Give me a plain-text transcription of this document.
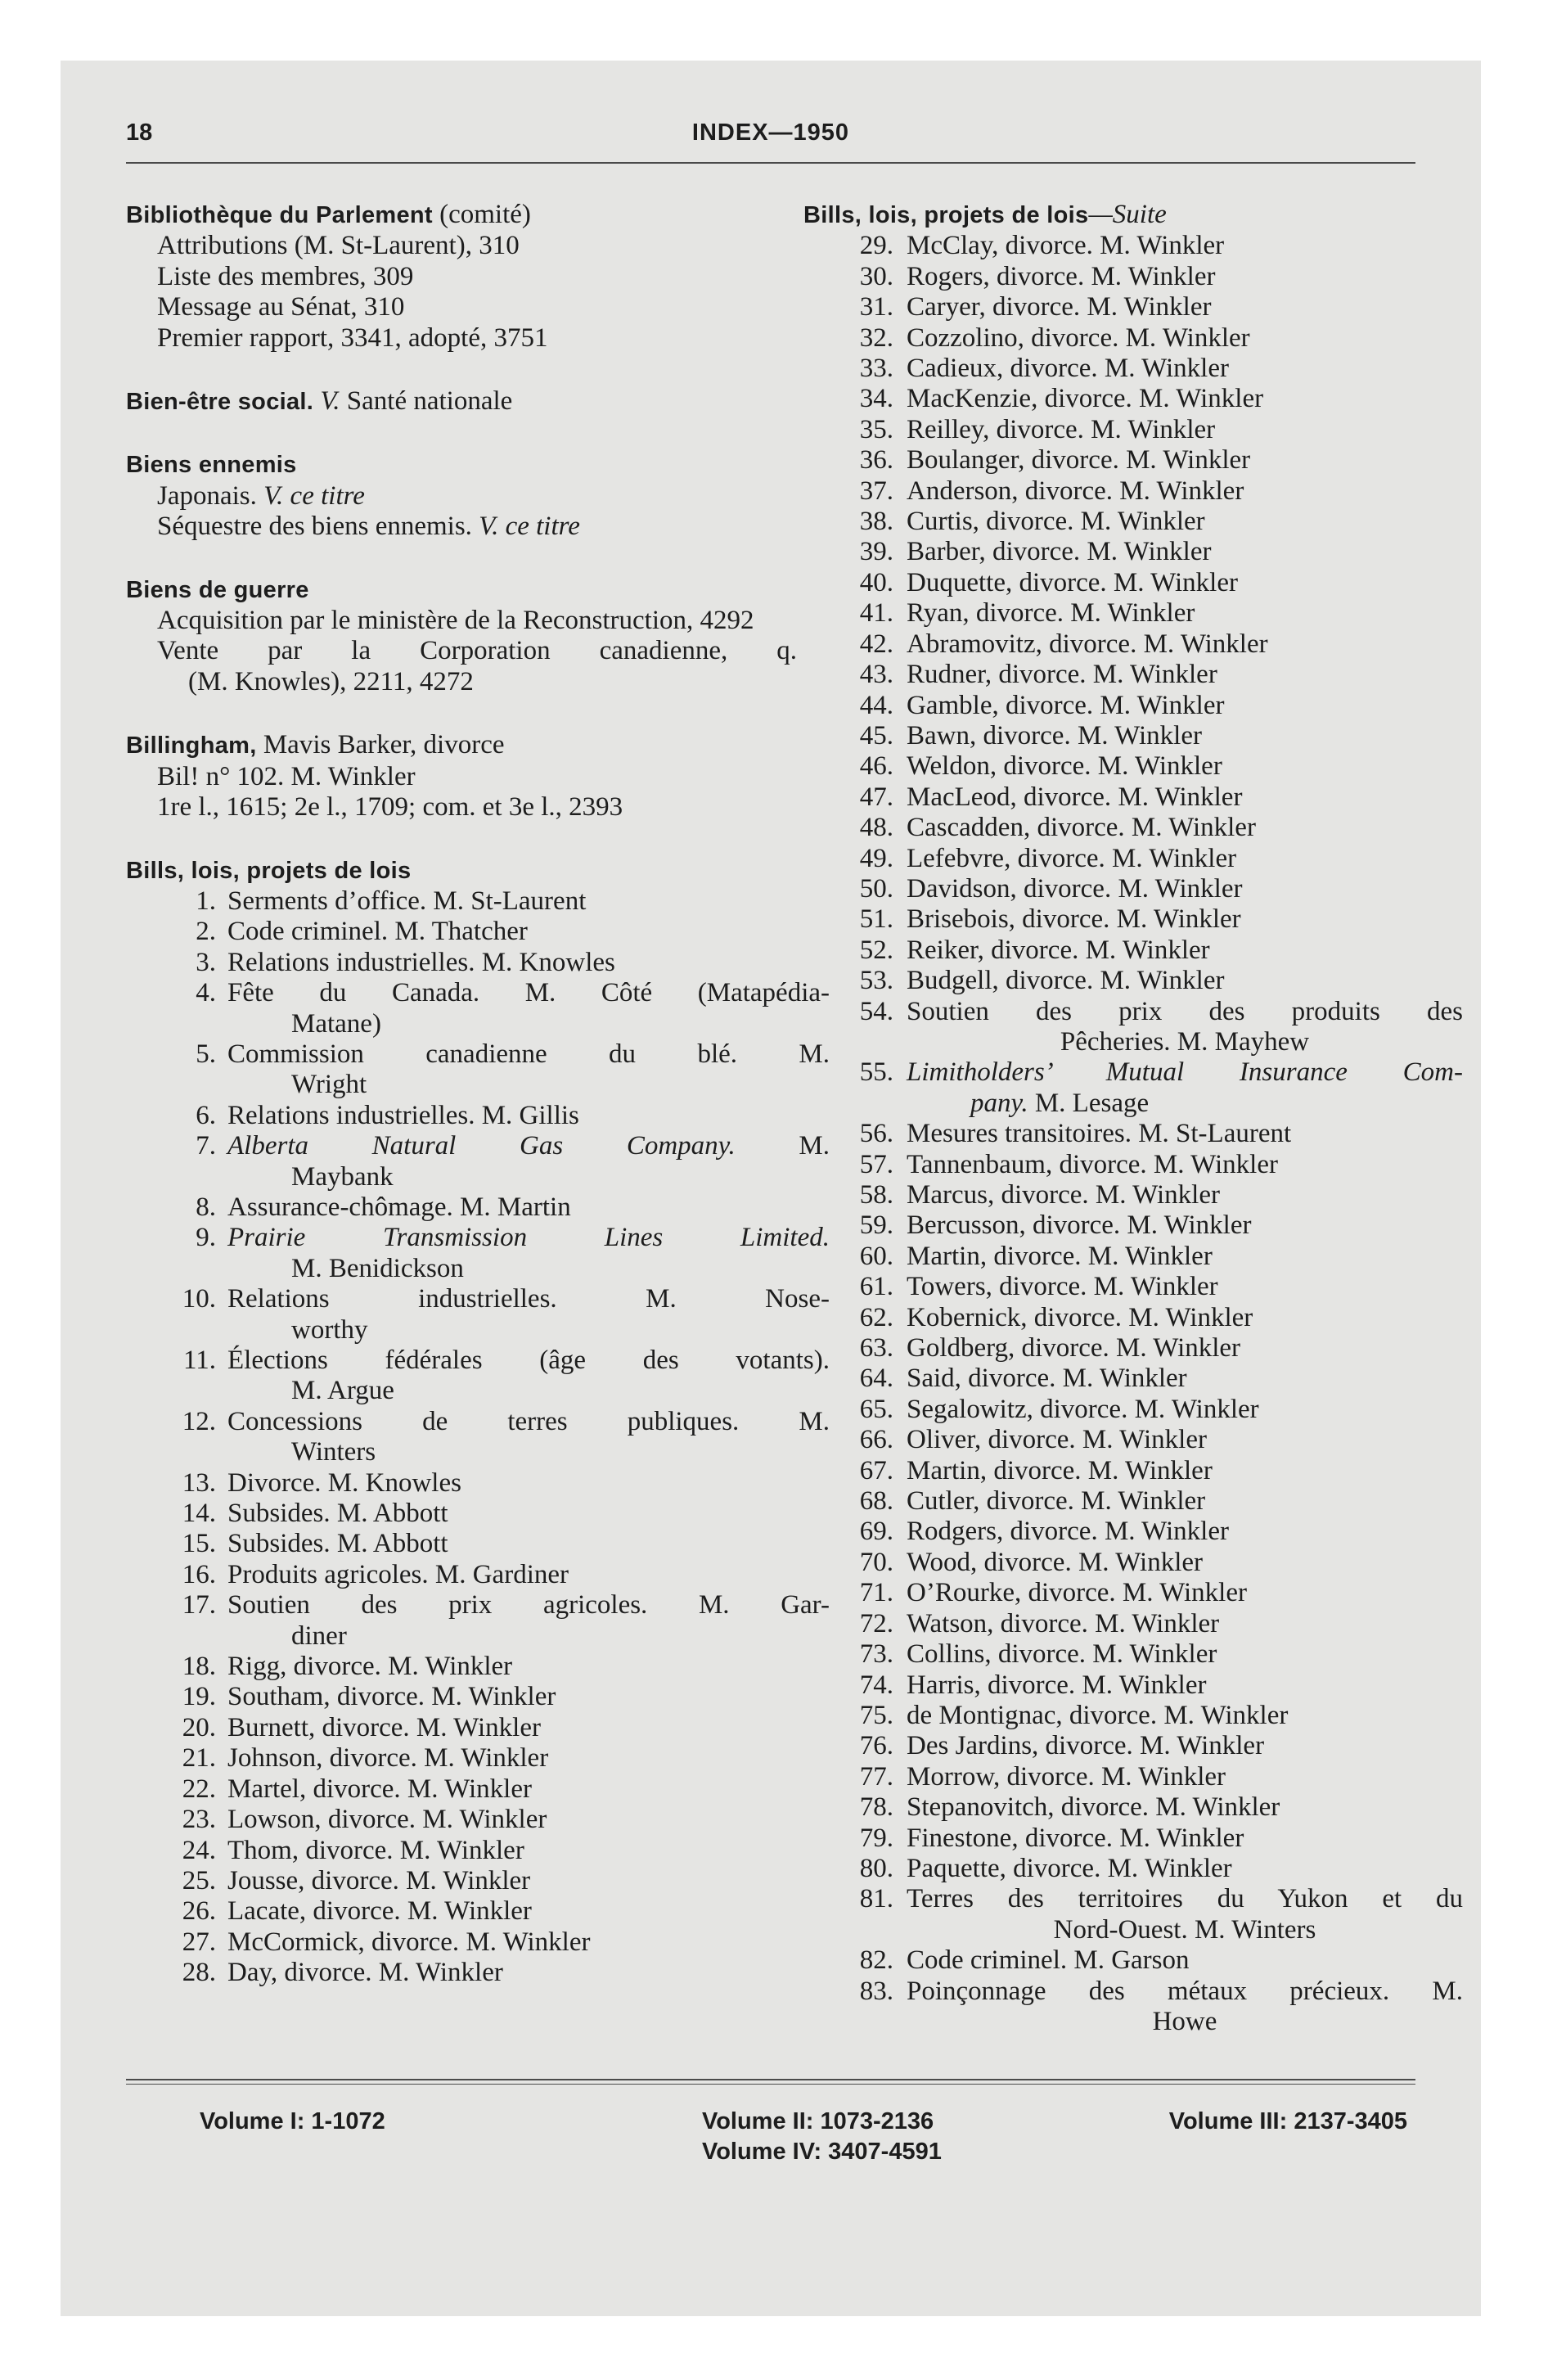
18	INDEX—1950
Bibliothèque du Parlement (comité)
Attributions (M. St-Laurent), 310
Liste des membres, 309
Message au Sénat, 310
Premier rapport, 3341, adopté, 3751
Bien-être social. V. Santé nationale
Biens ennemis
Japonais. V. ce titre
Séquestre des biens ennemis. V. ce titre
Biens de guerre
Acquisition par le ministère de la Reconstruction, 4292
Vente par la Corporation canadienne, q.
(M. Knowles), 2211, 4272
Billingham, Mavis Barker, divorce
Bil! n° 102. M. Winkler
1re l., 1615; 2e l., 1709; com. et 3e l., 2393
Bills, lois, projets de lois
1. Serments d’office. M. St-Laurent
2. Code criminel. M. Thatcher
3. Relations industrielles. M. Knowles
4. Fête du Canada. M. Côté (Matapédia-
Matane)
5. Commission canadienne du blé. M.
Wright
6. Relations industrielles. M. Gillis
7. Alberta Natural Gas Company. M.
Maybank
8. Assurance-chômage. M. Martin
9. Prairie Transmission Lines Limited.
M. Benidickson
10. Relations industrielles. M. Nose-
worthy
11. Élections fédérales (âge des votants).
M. Argue
12. Concessions de terres publiques. M.
Winters
13. Divorce. M. Knowles
14. Subsides. M. Abbott
15. Subsides. M. Abbott
16. Produits agricoles. M. Gardiner
17. Soutien des prix agricoles. M. Gar-
diner
18. Rigg, divorce. M. Winkler
19. Southam, divorce. M. Winkler
20. Burnett, divorce. M. Winkler
21. Johnson, divorce. M. Winkler
22. Martel, divorce. M. Winkler
23. Lowson, divorce. M. Winkler
24. Thom, divorce. M. Winkler
25. Jousse, divorce. M. Winkler
26. Lacate, divorce. M. Winkler
27. McCormick, divorce. M. Winkler
28. Day, divorce. M. Winkler
Bills, lois, projets de lois—Suite
29. McClay, divorce. M. Winkler
30. Rogers, divorce. M. Winkler
31. Caryer, divorce. M. Winkler
32. Cozzolino, divorce. M. Winkler
33. Cadieux, divorce. M. Winkler
34. MacKenzie, divorce. M. Winkler
35. Reilley, divorce. M. Winkler
36. Boulanger, divorce. M. Winkler
37. Anderson, divorce. M. Winkler
38. Curtis, divorce. M. Winkler
39. Barber, divorce. M. Winkler
40. Duquette, divorce. M. Winkler
41. Ryan, divorce. M. Winkler
42. Abramovitz, divorce. M. Winkler
43. Rudner, divorce. M. Winkler
44. Gamble, divorce. M. Winkler
45. Bawn, divorce. M. Winkler
46. Weldon, divorce. M. Winkler
47. MacLeod, divorce. M. Winkler
48. Cascadden, divorce. M. Winkler
49. Lefebvre, divorce. M. Winkler
50. Davidson, divorce. M. Winkler
51. Brisebois, divorce. M. Winkler
52. Reiker, divorce. M. Winkler
53. Budgell, divorce. M. Winkler
54. Soutien des prix des produits des
Pêcheries. M. Mayhew
55. Limitholders’ Mutual Insurance Com-
pany. M. Lesage
56. Mesures transitoires. M. St-Laurent
57. Tannenbaum, divorce. M. Winkler
58. Marcus, divorce. M. Winkler
59. Bercusson, divorce. M. Winkler
60. Martin, divorce. M. Winkler
61. Towers, divorce. M. Winkler
62. Kobernick, divorce. M. Winkler
63. Goldberg, divorce. M. Winkler
64. Said, divorce. M. Winkler
65. Segalowitz, divorce. M. Winkler
66. Oliver, divorce. M. Winkler
67. Martin, divorce. M. Winkler
68. Cutler, divorce. M. Winkler
69. Rodgers, divorce. M. Winkler
70. Wood, divorce. M. Winkler
71. O’Rourke, divorce. M. Winkler
72. Watson, divorce. M. Winkler
73. Collins, divorce. M. Winkler
74. Harris, divorce. M. Winkler
75. de Montignac, divorce. M. Winkler
76. Des Jardins, divorce. M. Winkler
77. Morrow, divorce. M. Winkler
78. Stepanovitch, divorce. M. Winkler
79. Finestone, divorce. M. Winkler
80. Paquette, divorce. M. Winkler
81. Terres des territoires du Yukon et du
Nord-Ouest. M. Winters
82. Code criminel. M. Garson
83. Poinçonnage des métaux précieux. M.
Howe
Volume I: 1-1072	Volume II: 1073-2136
Volume IV: 3407-4591
Volume III: 2137-3405
